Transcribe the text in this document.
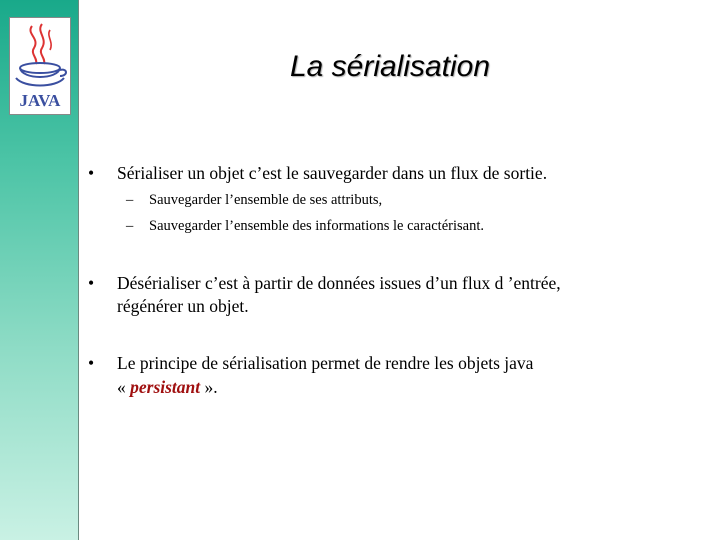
JAVA
La sérialisation
• Sérialiser un objet c’est le sauvegarder dans un flux de sortie.
– Sauvegarder l’ensemble de ses attributs,
– Sauvegarder l’ensemble des informations le caractérisant.
• Désérialiser c’est à partir de données issues d’un flux d ’entrée,
régénérer un objet.
• Le principe de sérialisation permet de rendre les objets java
« persistant ».
